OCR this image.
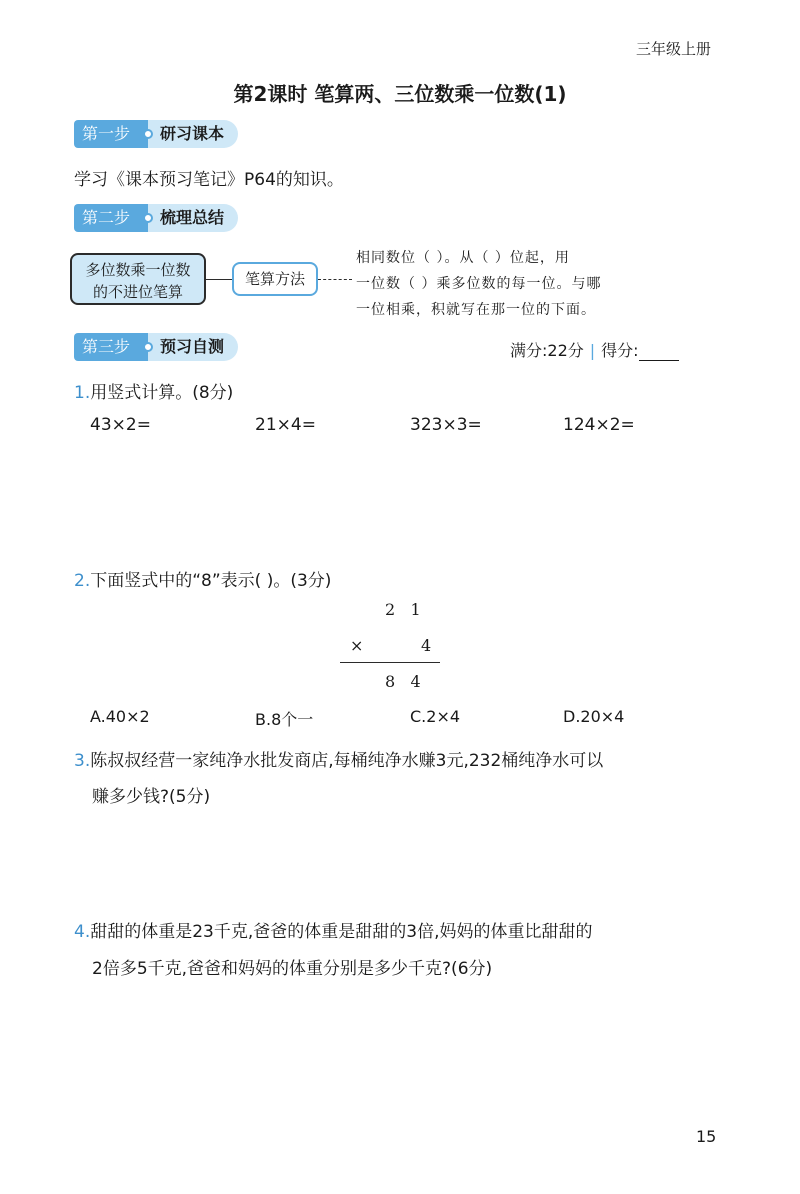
三年级上册
第2课时 笔算两、三位数乘一位数(1)
第一步	研习课本
学习《课本预习笔记》P64的知识。
第二步	梳理总结
多位数乘一位数
的不进位笔算
笔算方法
相同数位（ ）。从（ ）位起，用
一位数（ ）乘多位数的每一位。与哪
一位相乘，积就写在那一位的下面。
第三步	预习自测	满分:22分 | 得分:
1.用竖式计算。(8分)
43×2=	21×4=	323×3=	124×2=
2.下面竖式中的“8”表示( )。(3分)
2   1
×	4
8   4
A.40×2	B.8个一	C.2×4	D.20×4
3.陈叔叔经营一家纯净水批发商店,每桶纯净水赚3元,232桶纯净水可以
赚多少钱?(5分)
4.甜甜的体重是23千克,爸爸的体重是甜甜的3倍,妈妈的体重比甜甜的
2倍多5千克,爸爸和妈妈的体重分别是多少千克?(6分)
15
